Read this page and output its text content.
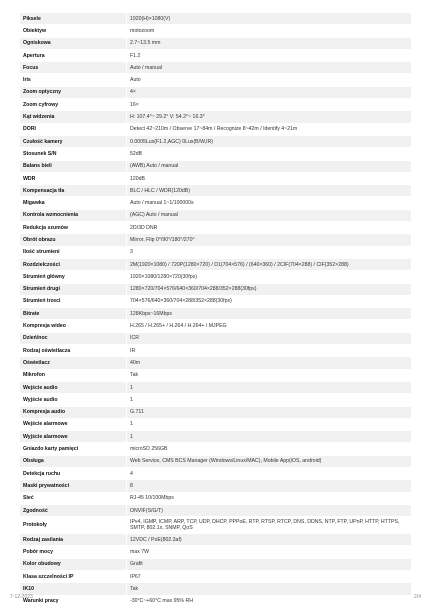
Piksele	1920(H)×1080(V)
Obiektyw	motozoom
Ogniskowa	2.7~13.5 mm
Apertura	F1.2
Focus	Auto / manual
Iris	Auto
Zoom optyczny	4×
Zoom cyfrowy	16×
Kąt widzenia	H: 107.4°~ 29.2° V: 54.2°~ 16.3°
DORI	Detect 42~210m / Observe 17~84m / Recognize 8~42m / Identify 4~21m
Czułość kamery	0.0005Lux(F1.2,AGC) 0Lux(B/W,IR)
Stosunek S/N	52dB
Balans bieli	(AWB) Auto / manual
WDR	120dB
Kompensacja tła	BLC / HLC / WDR(120dB)
Migawka	Auto / manual 1~1/100000s
Kontrola wzmocnienia	(AGC) Auto / manual
Redukcja szumów	2D/3D DNR
Obrót obrazu	Mirror, Flip 0°/90°/180°/270°
Ilość strumieni	3
Rozdzielczości	2M(1920×1080) / 720P(1280×720) / D1(704×576) / (640×360) / 2CIF(704×288) / CIF(352×288)
Strumień główny	1920×1080/1280×720(30fps)
Strumień drugi	1280×720/704×576/640×360/704×288/352×288(30fps)
Strumień trzeci	704×576/640×360/704×288/352×288(30fps)
Bitrate	128Kbps~16Mbps
Kompresja wideo	H.265 / H.265+ / H.264 / H.264+ / MJPEG
Dzień/noc	ICR
Rodzaj oświetlacza	IR
Oświetlacz	40m
Mikrofon	Tak
Wejście audio	1
Wyjście audio	1
Kompresja audio	G.711
Wejście alarmowe	1
Wyjście alarmowe	1
Gniazdo karty pamięci	microSD 256GB
Obsługa	Web Service, CMS BCS Manager (Windows/Linux/MAC), Mobile App(iOS, android)
Detekcja ruchu	4
Maski prywatności	8
Sieć	RJ-45 10/100Mbps
Zgodność	ONVIF(S/G/T)
Protokoły	IPv4, IGMP, ICMP, ARP, TCP, UDP, DHCP, PPPoE, RTP, RTSP, RTCP, DNS, DDNS, NTP, FTP, UPnP, HTTP, HTTPS, SMTP, 802.1x, SNMP, QoS
Rodzaj zasilania	12VDC / PoE(802.3af)
Pobór mocy	max 7W
Kolor obudowy	Grafit
Klasa szczelności IP	IP67
IK10	Tak
Warunki pracy	-30°C~+60°C max 95% RH
7-12-2023	2/4
